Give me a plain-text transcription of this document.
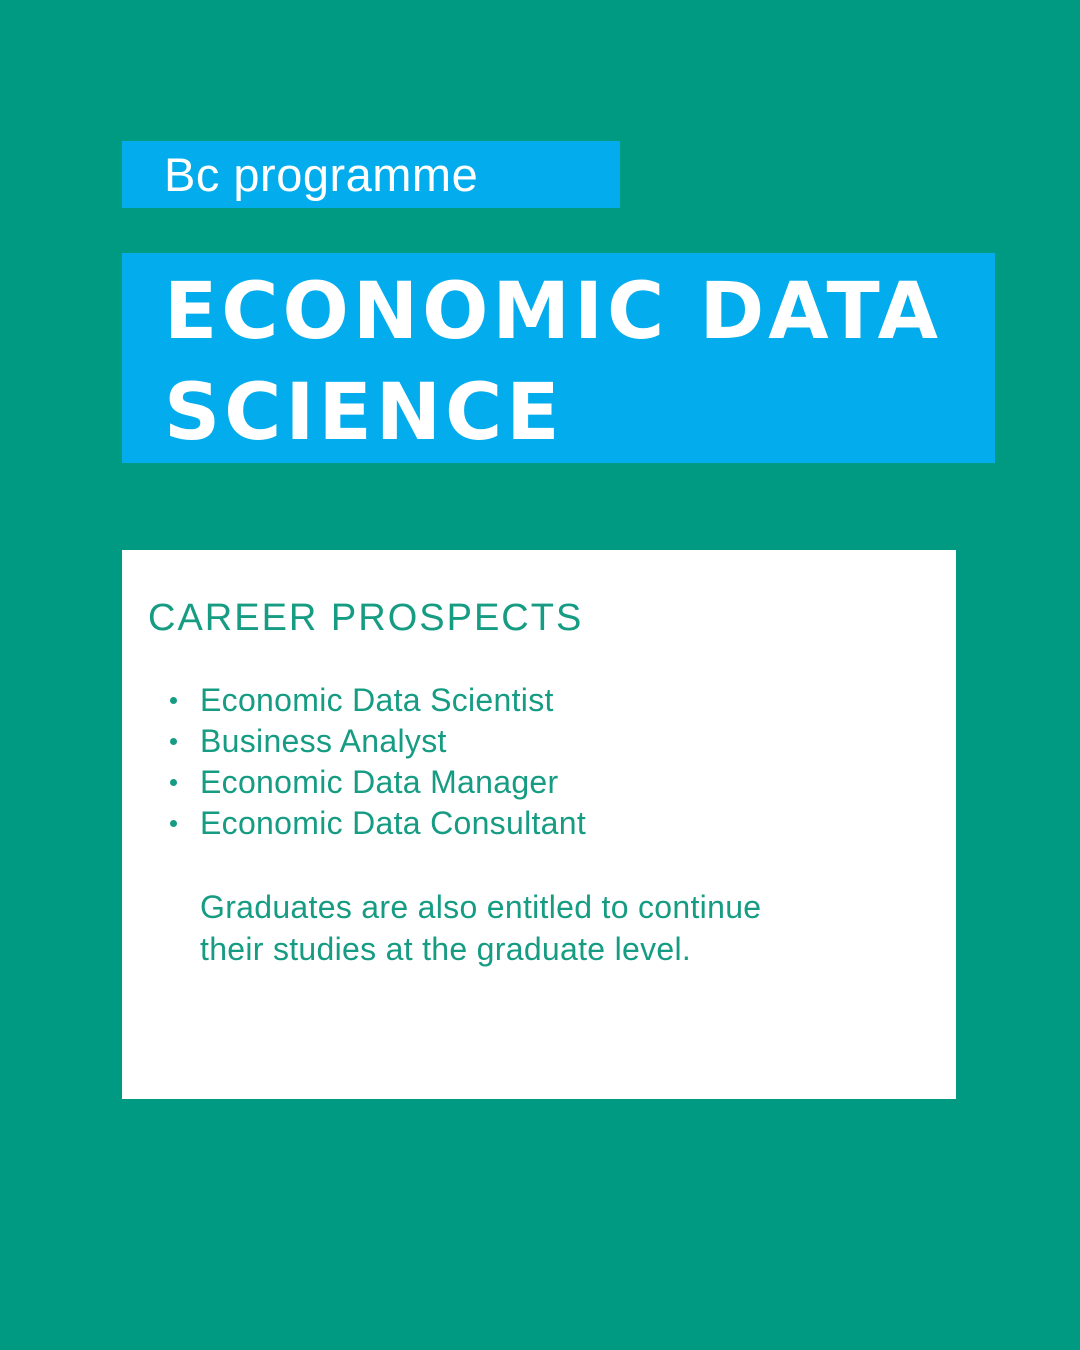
Bc programme
ECONOMIC DATA
SCIENCE
CAREER PROSPECTS
Economic Data Scientist
Business Analyst
Economic Data Manager
Economic Data Consultant
Graduates are also entitled to continue
their studies at the graduate level.
